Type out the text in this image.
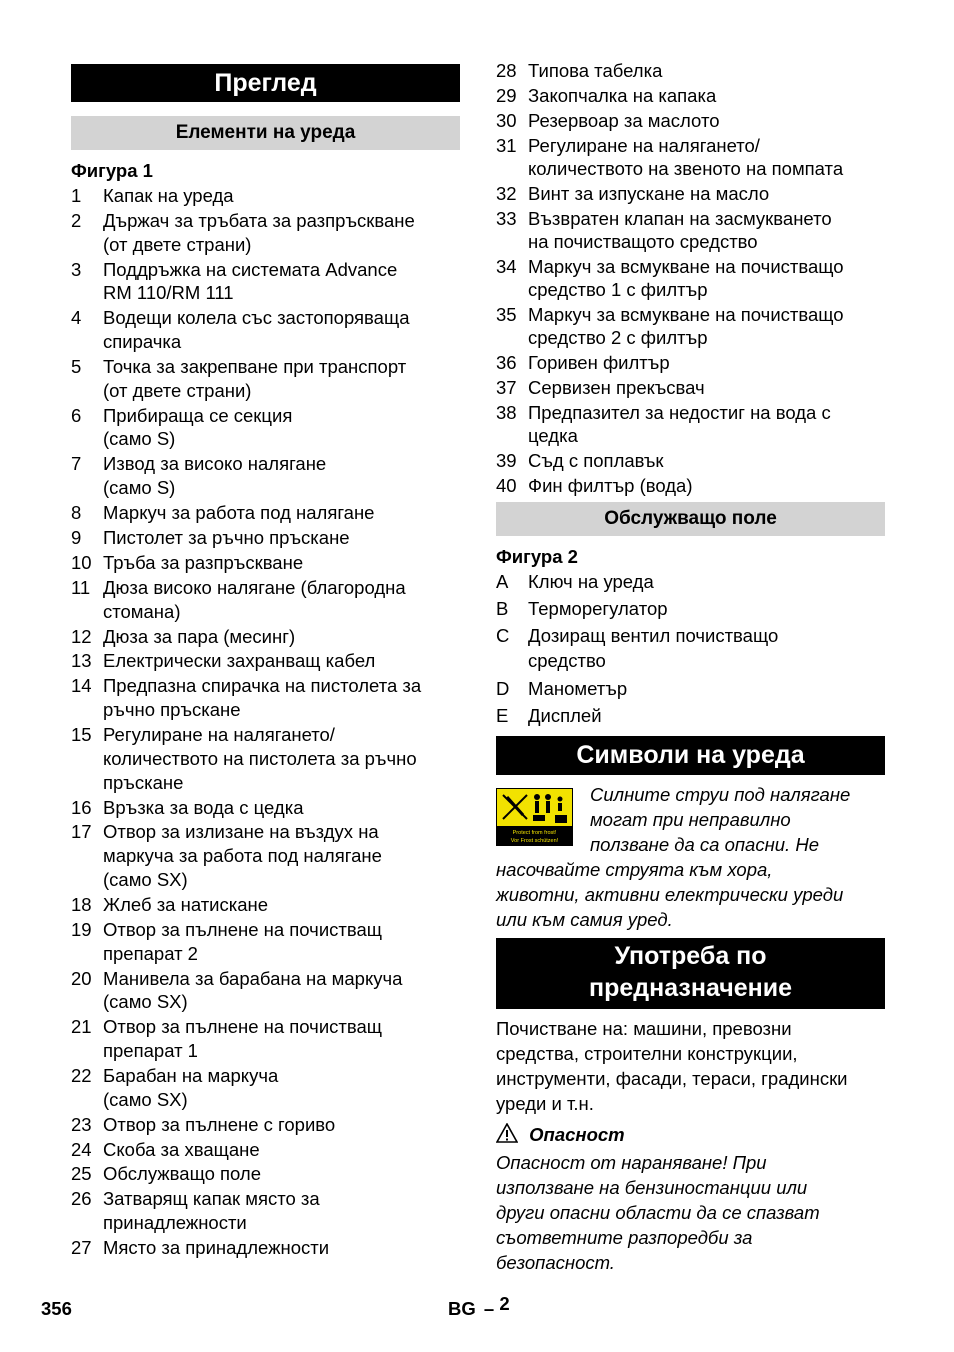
Преглед
Елементи на уреда
Фигура 1
1 Капак на уреда
2 Държач за тръбата за разпръскване
(от двете страни)
3 Поддръжка на системата Advance
RM 110/RM 111
4 Водещи колела със застопоряваща
спирачка
5 Точка за закрепване при транспорт
(от двете страни)
6 Прибираща се секция
(само S)
7 Извод за високо налягане
(само S)
8 Маркуч за работа под налягане
9 Пистолет за ръчно пръскане
10 Тръба за разпръскване
11 Дюза високо налягане (благородна
стомана)
12 Дюза за пара (месинг)
13 Електрически захранващ кабел
14 Предпазна спирачка на пистолета за
ръчно пръскане
15 Регулиране на налягането/
количеството на пистолета за ръчно
пръскане
16 Връзка за вода с цедка
17 Отвор за излизане на въздух на
маркуча за работа под налягане
(само SX)
18 Жлеб за натискане
19 Отвор за пълнене на почистващ
препарат 2
20 Манивела за барабана на маркуча
(само SX)
21 Отвор за пълнене на почистващ
препарат 1
22 Барабан на маркуча
(само SX)
23 Отвор за пълнене с гориво
24 Скоба за хващане
25 Обслужващо поле
26 Затварящ капак място за
принадлежности
27 Място за принадлежности
28 Типова табелка
29 Закопчалка на капака
30 Резервоар за маслото
31 Регулиране на налягането/
количеството на звеното на помпата
32 Винт за изпускане на масло
33 Възвратен клапан на засмукването
на почистващото средство
34 Маркуч за всмукване на почистващо
средство 1 с филтър
35 Маркуч за всмукване на почистващо
средство 2 с филтър
36 Горивен филтър
37 Сервизен прекъсвач
38 Предпазител за недостиг на вода с
цедка
39 Съд с поплавък
40 Фин филтър (вода)
Обслужващо поле
Фигура 2
A Ключ на уреда
B Терморегулатор
C Дозиращ вентил почистващо
средство
D Манометър
E Дисплей
Символи на уреда
Protect from frost!
Vor Frost schützen!
Силните струи под налягане
могат при неправилно
ползване да са опасни. Не
насочвайте струята към хора,
животни, активни електрически уреди
или към самия уред.
Употреба по
предназначение
Почистване на: машини, превозни
средства, строителни конструкции,
инструменти, фасади, тераси, градински
уреди и т.н.
Опасност
Опасност от нараняване! При
използване на бензиностанции или
други опасни области да се спазват
съответните разпоредби за
безопасност.
356	BG – 2
